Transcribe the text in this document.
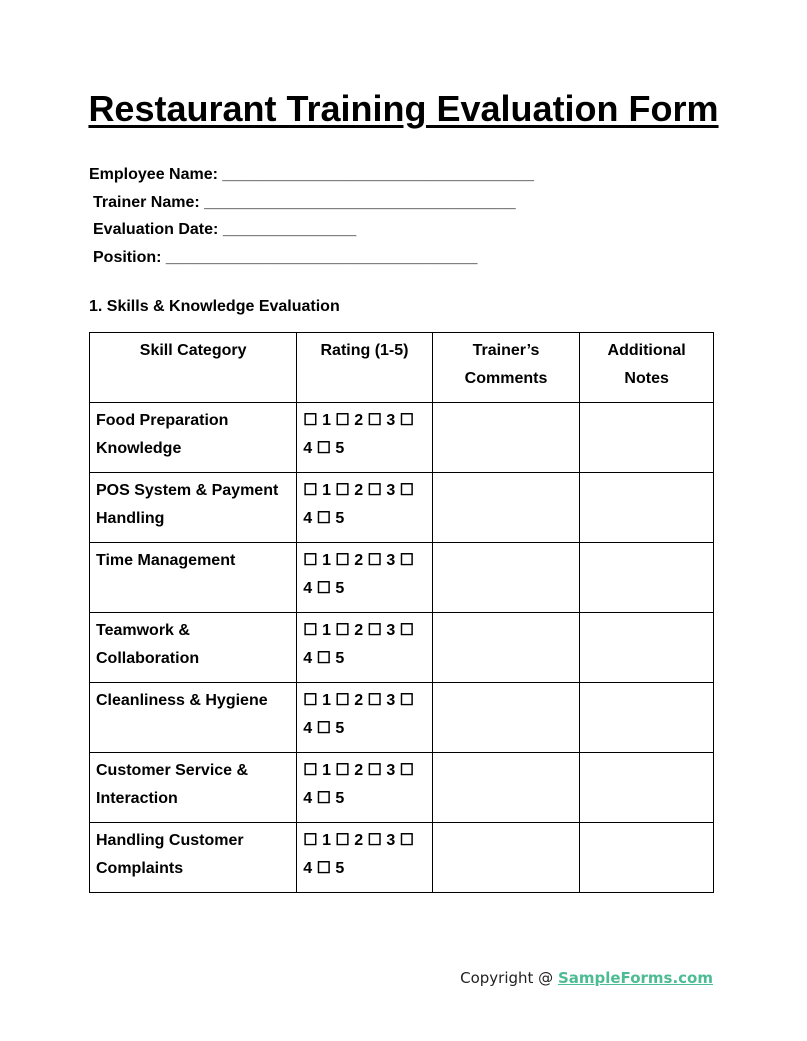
Restaurant Training Evaluation Form
Employee Name: ___________________________________
Trainer Name: ___________________________________
Evaluation Date: _______________
Position: ___________________________________
1. Skills & Knowledge Evaluation
Skill Category	Rating (1-5)	Trainer’s Comments	Additional Notes
Food Preparation Knowledge	☐ 1 ☐ 2 ☐ 3 ☐ 4 ☐ 5		
POS System & Payment Handling	☐ 1 ☐ 2 ☐ 3 ☐ 4 ☐ 5		
Time Management	☐ 1 ☐ 2 ☐ 3 ☐ 4 ☐ 5		
Teamwork & Collaboration	☐ 1 ☐ 2 ☐ 3 ☐ 4 ☐ 5		
Cleanliness & Hygiene	☐ 1 ☐ 2 ☐ 3 ☐ 4 ☐ 5		
Customer Service & Interaction	☐ 1 ☐ 2 ☐ 3 ☐ 4 ☐ 5		
Handling Customer Complaints	☐ 1 ☐ 2 ☐ 3 ☐ 4 ☐ 5		
Copyright @ SampleForms.com
